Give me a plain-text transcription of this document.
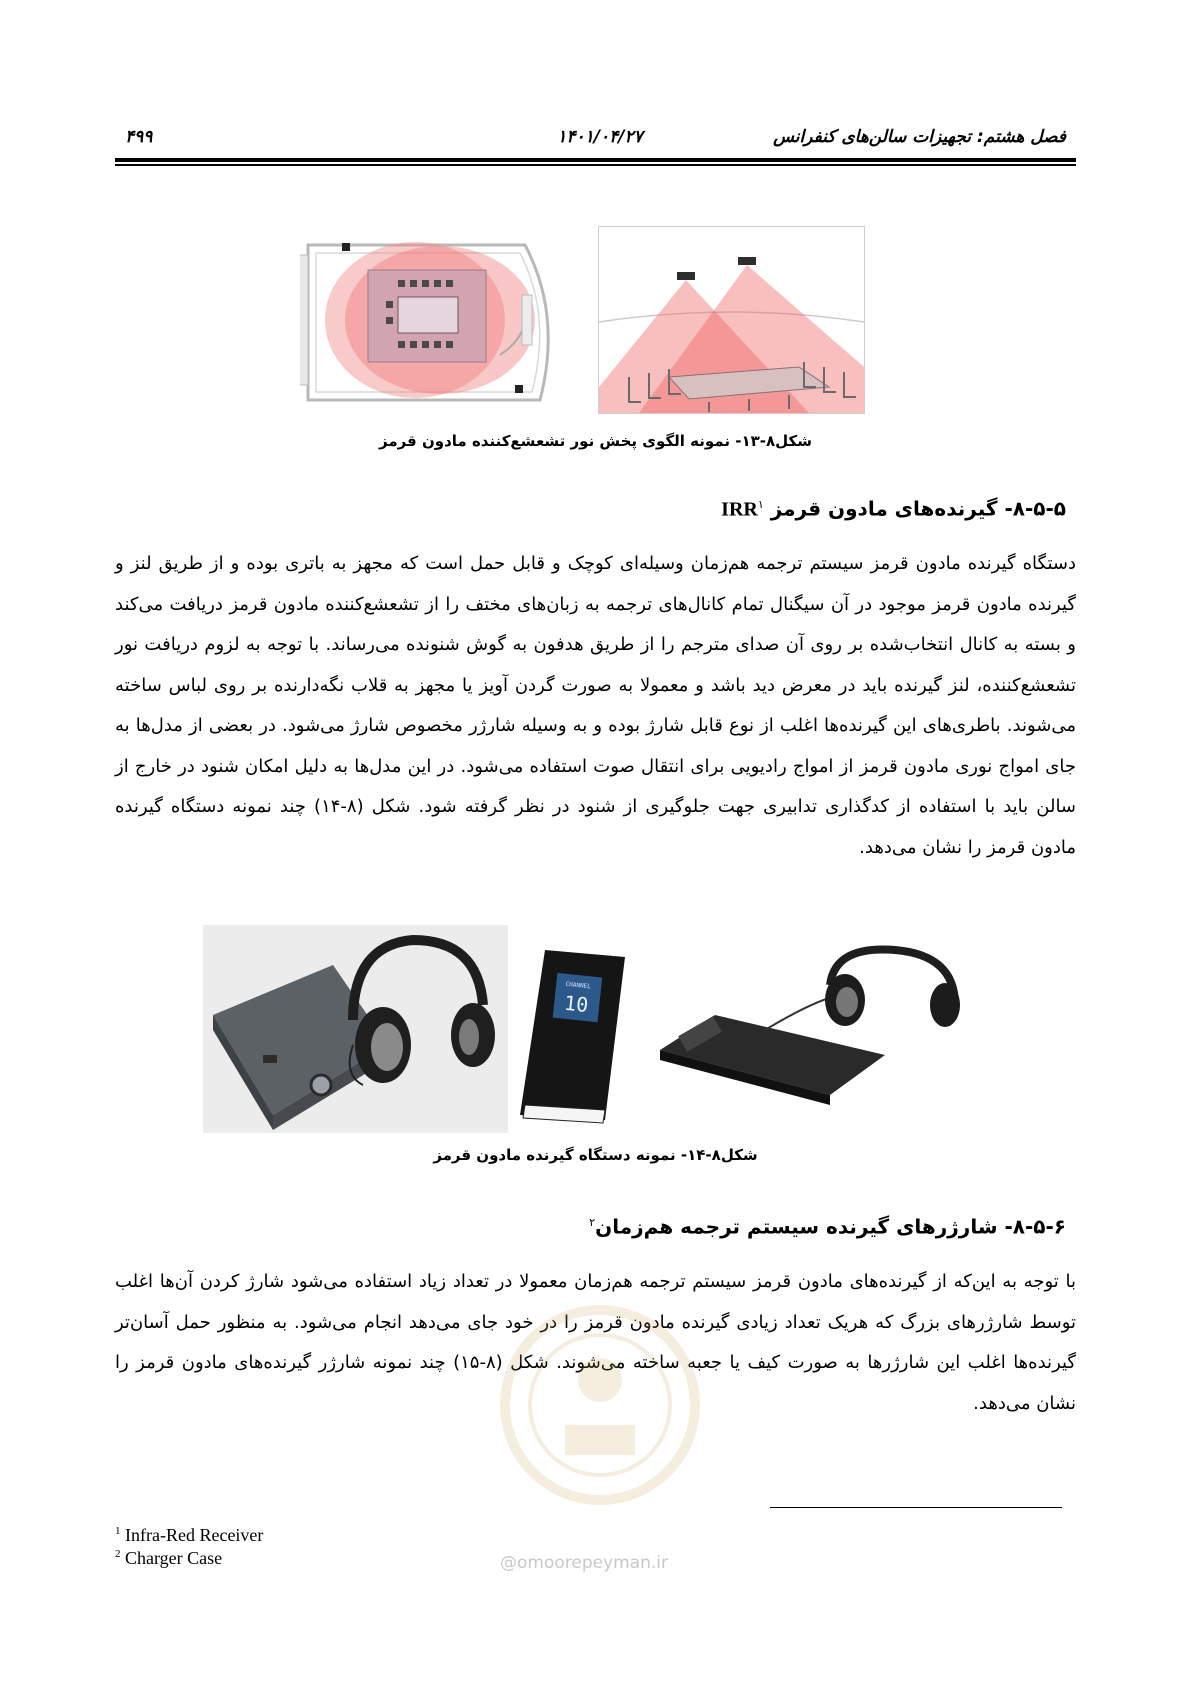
فصل هشتم: تجهیزات سالن‌های کنفرانس
۱۴۰۱/۰۴/۲۷
۴۹۹
شکل۸-۱۳- نمونه الگوی پخش نور تشعشع‌کننده مادون قرمز
۸-۵-۵- گیرنده‌های مادون قرمز IRR$^۱$
دستگاه گیرنده مادون قرمز سیستم ترجمه هم‌زمان وسیله‌ای کوچک و قابل حمل است که مجهز به باتری بوده و از طریق لنز و گیرنده مادون قرمز موجود در آن سیگنال تمام کانال‌های ترجمه به زبان‌های مختف را از تشعشع‌کننده مادون قرمز دریافت می‌کند و بسته به کانال انتخاب‌شده بر روی آن صدای مترجم را از طریق هدفون به گوش شنونده می‌رساند. با توجه به لزوم دریافت نور تشعشع‌کننده، لنز گیرنده باید در معرض دید باشد و معمولا به صورت گردن آویز یا مجهز به قلاب نگه‌دارنده بر روی لباس ساخته می‌شوند. باطری‌های این گیرنده‌ها اغلب از نوع قابل شارژ بوده و به وسیله شارژر مخصوص شارژ می‌شود. در بعضی از مدل‌ها به جای امواج نوری مادون قرمز از امواج رادیویی برای انتقال صوت استفاده می‌شود. در این مدل‌ها به دلیل امکان شنود در خارج از سالن باید با استفاده از کدگذاری تدابیری جهت جلوگیری از شنود در نظر گرفته شود. شکل (۸-۱۴) چند نمونه دستگاه گیرنده مادون قرمز را نشان می‌دهد.
CHANNEL
10
شکل۸-۱۴- نمونه دستگاه گیرنده مادون قرمز
۸-۵-۶- شارژرهای گیرنده سیستم ترجمه هم‌زمان$^۲$
با توجه به این‌که از گیرنده‌های مادون قرمز سیستم ترجمه هم‌زمان معمولا در تعداد زیاد استفاده می‌شود شارژ کردن آن‌ها اغلب توسط شارژرهای بزرگ که هریک تعداد زیادی گیرنده مادون قرمز را در خود جای می‌دهد انجام می‌شود. به منظور حمل آسان‌تر گیرنده‌ها اغلب این شارژرها به صورت کیف یا جعبه ساخته می‌شوند. شکل (۸-۱۵) چند نمونه شارژر گیرنده‌های مادون قرمز را نشان می‌دهد.
@omoorepeyman.ir
$^1$ Infra-Red Receiver
$^2$ Charger Case
